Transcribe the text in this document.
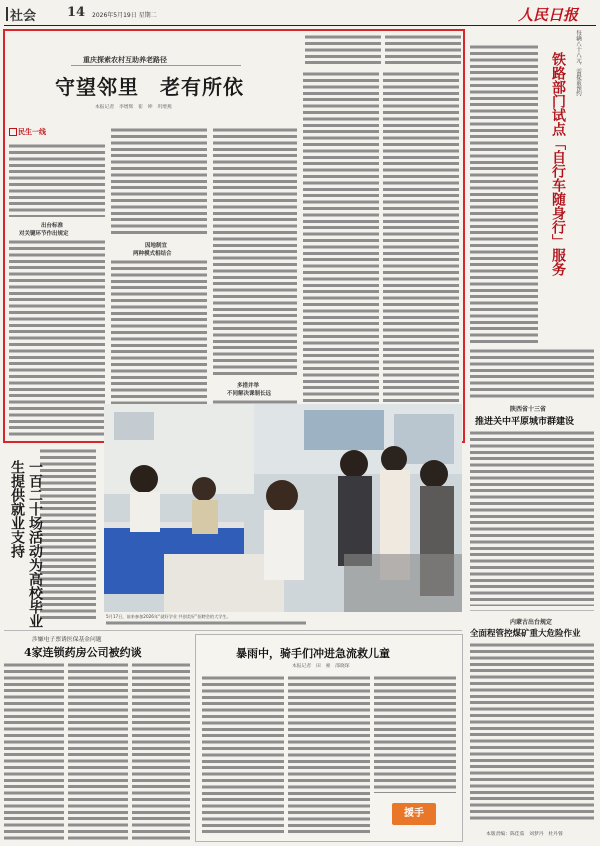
社会 14 2026年5月19日 星期二	人民日报
重庆探索农村互助养老路径
守望邻里　老有所依
本报记者　李增辉　崔　坤　巩增燕
民生一线
出台标准
对关键环节作出规定
因地制宜
两种模式相结合
多措并举
不同解决课制长远
铁路部门试点「自行车随身行」服务 每辆八十八元，需提前预约
陕西省十三省
推进关中平原城市群建设
内蒙古出台规定
全面程管控煤矿重大危险作业
本版责编：陈佳茹　刘梦丹　杜丹蓉
一百二十场活动为高校毕业生提供就业支持
5月17日，前来参加2026年“就好学业 共创美好”招聘会的大学生。
涉嫌电子票诱医保基金问题
4家连锁药房公司被约谈	暴雨中，骑手们冲进急流救儿童
本报记者　田　豪　邵晓琛
援手
